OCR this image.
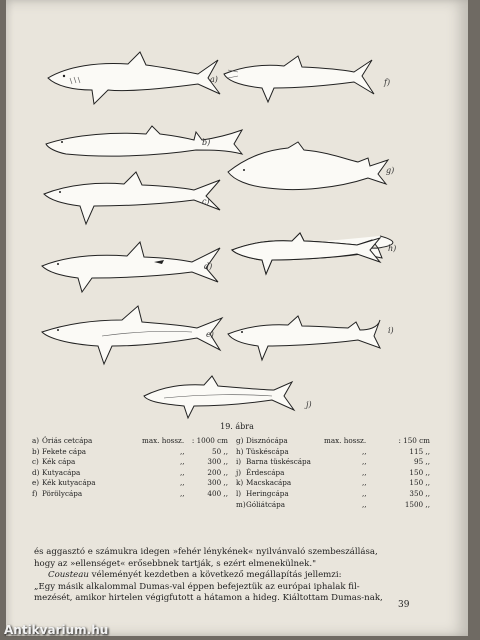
a)
b)
c)
d)
e)
f)
g)
h)
i)
j)
19. ábra
a) Óriás cetcápa	max. hossz.	: 1000 cm
b) Fekete cápa	,,	50 ,,
c) Kék cápa	,,	300 ,,
d) Kutyacápa	,,	200 ,,
e) Kék kutyacápa	,,	300 ,,
f) Pörölycápa	,,	400 ,,
g) Disznócápa	max. hossz.	: 150 cm
h) Tüskéscápa	,,	115 ,,
i) Barna tüskéscápa	,,	95 ,,
j) Érdescápa	,,	150 ,,
k) Macskacápa	,,	150 ,,
l) Heringcápa	,,	350 ,,
m) Góliátcápa	,,	1500 ,,

és aggasztó e számukra idegen »fehér lénykének« nyilvánvaló szembeszállása,

hogy az »ellenséget« erősebbnek tartják, s ezért elmenekülnek."

Cousteau véleményét kezdetben a következő megállapítás jellemzi:

„Egy másik alkalommal Dumas-val éppen befejeztük az európai iphalak fil-

mezését, amikor hirtelen végigfutott a hátamon a hideg. Kiáltottam Dumas-nak,

39
Antikvarium.hu
